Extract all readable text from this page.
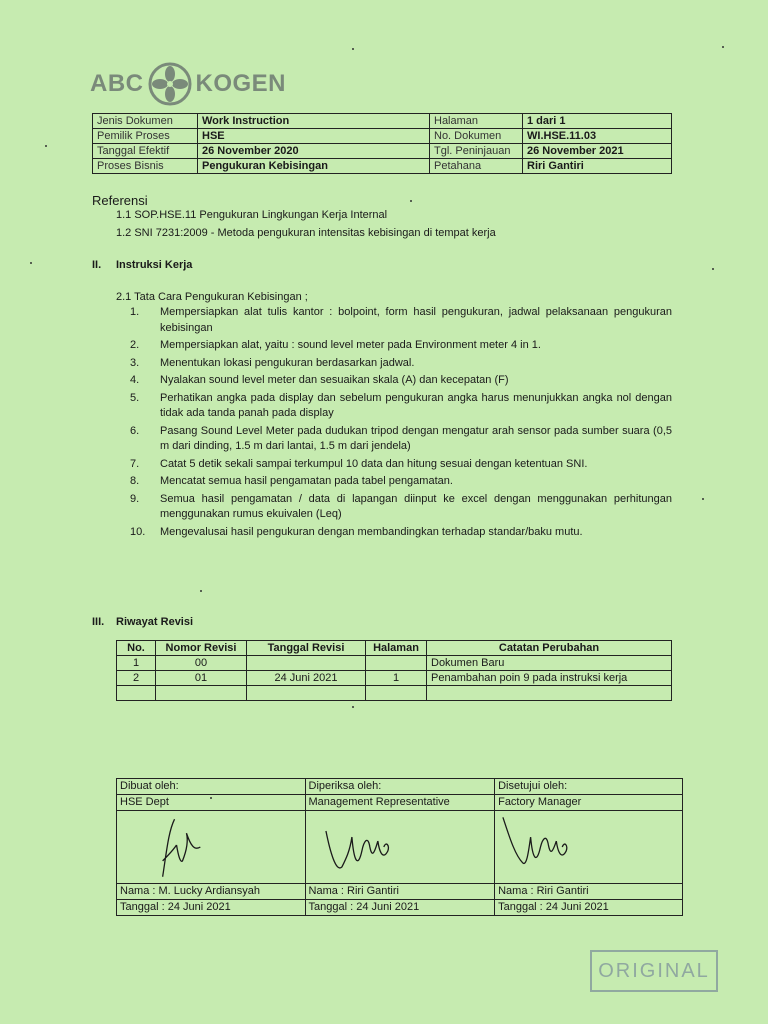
ABC KOGEN
Jenis Dokumen	Work Instruction	Halaman	1 dari 1
Pemilik Proses	HSE	No. Dokumen	WI.HSE.11.03
Tanggal Efektif	26 November 2020	Tgl. Peninjauan	26 November 2021
Proses Bisnis	Pengukuran Kebisingan	Petahana	Riri Gantiri
Referensi
1.1 SOP.HSE.11 Pengukuran Lingkungan Kerja Internal
1.2 SNI 7231:2009 - Metoda pengukuran intensitas kebisingan di tempat kerja
II. Instruksi Kerja
2.1 Tata Cara Pengukuran Kebisingan ;
1.	Mempersiapkan alat tulis kantor : bolpoint, form hasil pengukuran, jadwal pelaksanaan pengukuran kebisingan
2.	Mempersiapkan alat, yaitu : sound level meter pada Environment meter 4 in 1.
3.	Menentukan lokasi pengukuran berdasarkan jadwal.
4.	Nyalakan sound level meter dan sesuaikan skala (A) dan kecepatan (F)
5.	Perhatikan angka pada display dan sebelum pengukuran angka harus menunjukkan angka nol dengan tidak ada tanda panah pada display
6.	Pasang Sound Level Meter pada dudukan tripod dengan mengatur arah sensor pada sumber suara (0,5 m dari dinding, 1.5 m dari lantai, 1.5 m dari jendela)
7.	Catat 5 detik sekali sampai terkumpul 10 data dan hitung sesuai dengan ketentuan SNI.
8.	Mencatat semua hasil pengamatan pada tabel pengamatan.
9.	Semua hasil pengamatan / data di lapangan diinput ke excel dengan menggunakan perhitungan menggunakan rumus ekuivalen (Leq)
10.	Mengevalusai hasil pengukuran dengan membandingkan terhadap standar/baku mutu.
III. Riwayat Revisi
No.	Nomor Revisi	Tanggal Revisi	Halaman	Catatan Perubahan
1	00			Dokumen Baru
2	01	24 Juni 2021	1	Penambahan poin 9 pada instruksi kerja

Dibuat oleh:	Diperiksa oleh:	Disetujui oleh:
HSE Dept	Management Representative	Factory Manager

Nama : M. Lucky Ardiansyah	Nama : Riri Gantiri	Nama : Riri Gantiri
Tanggal : 24 Juni 2021	Tanggal : 24 Juni 2021	Tanggal : 24 Juni 2021
ORIGINAL
